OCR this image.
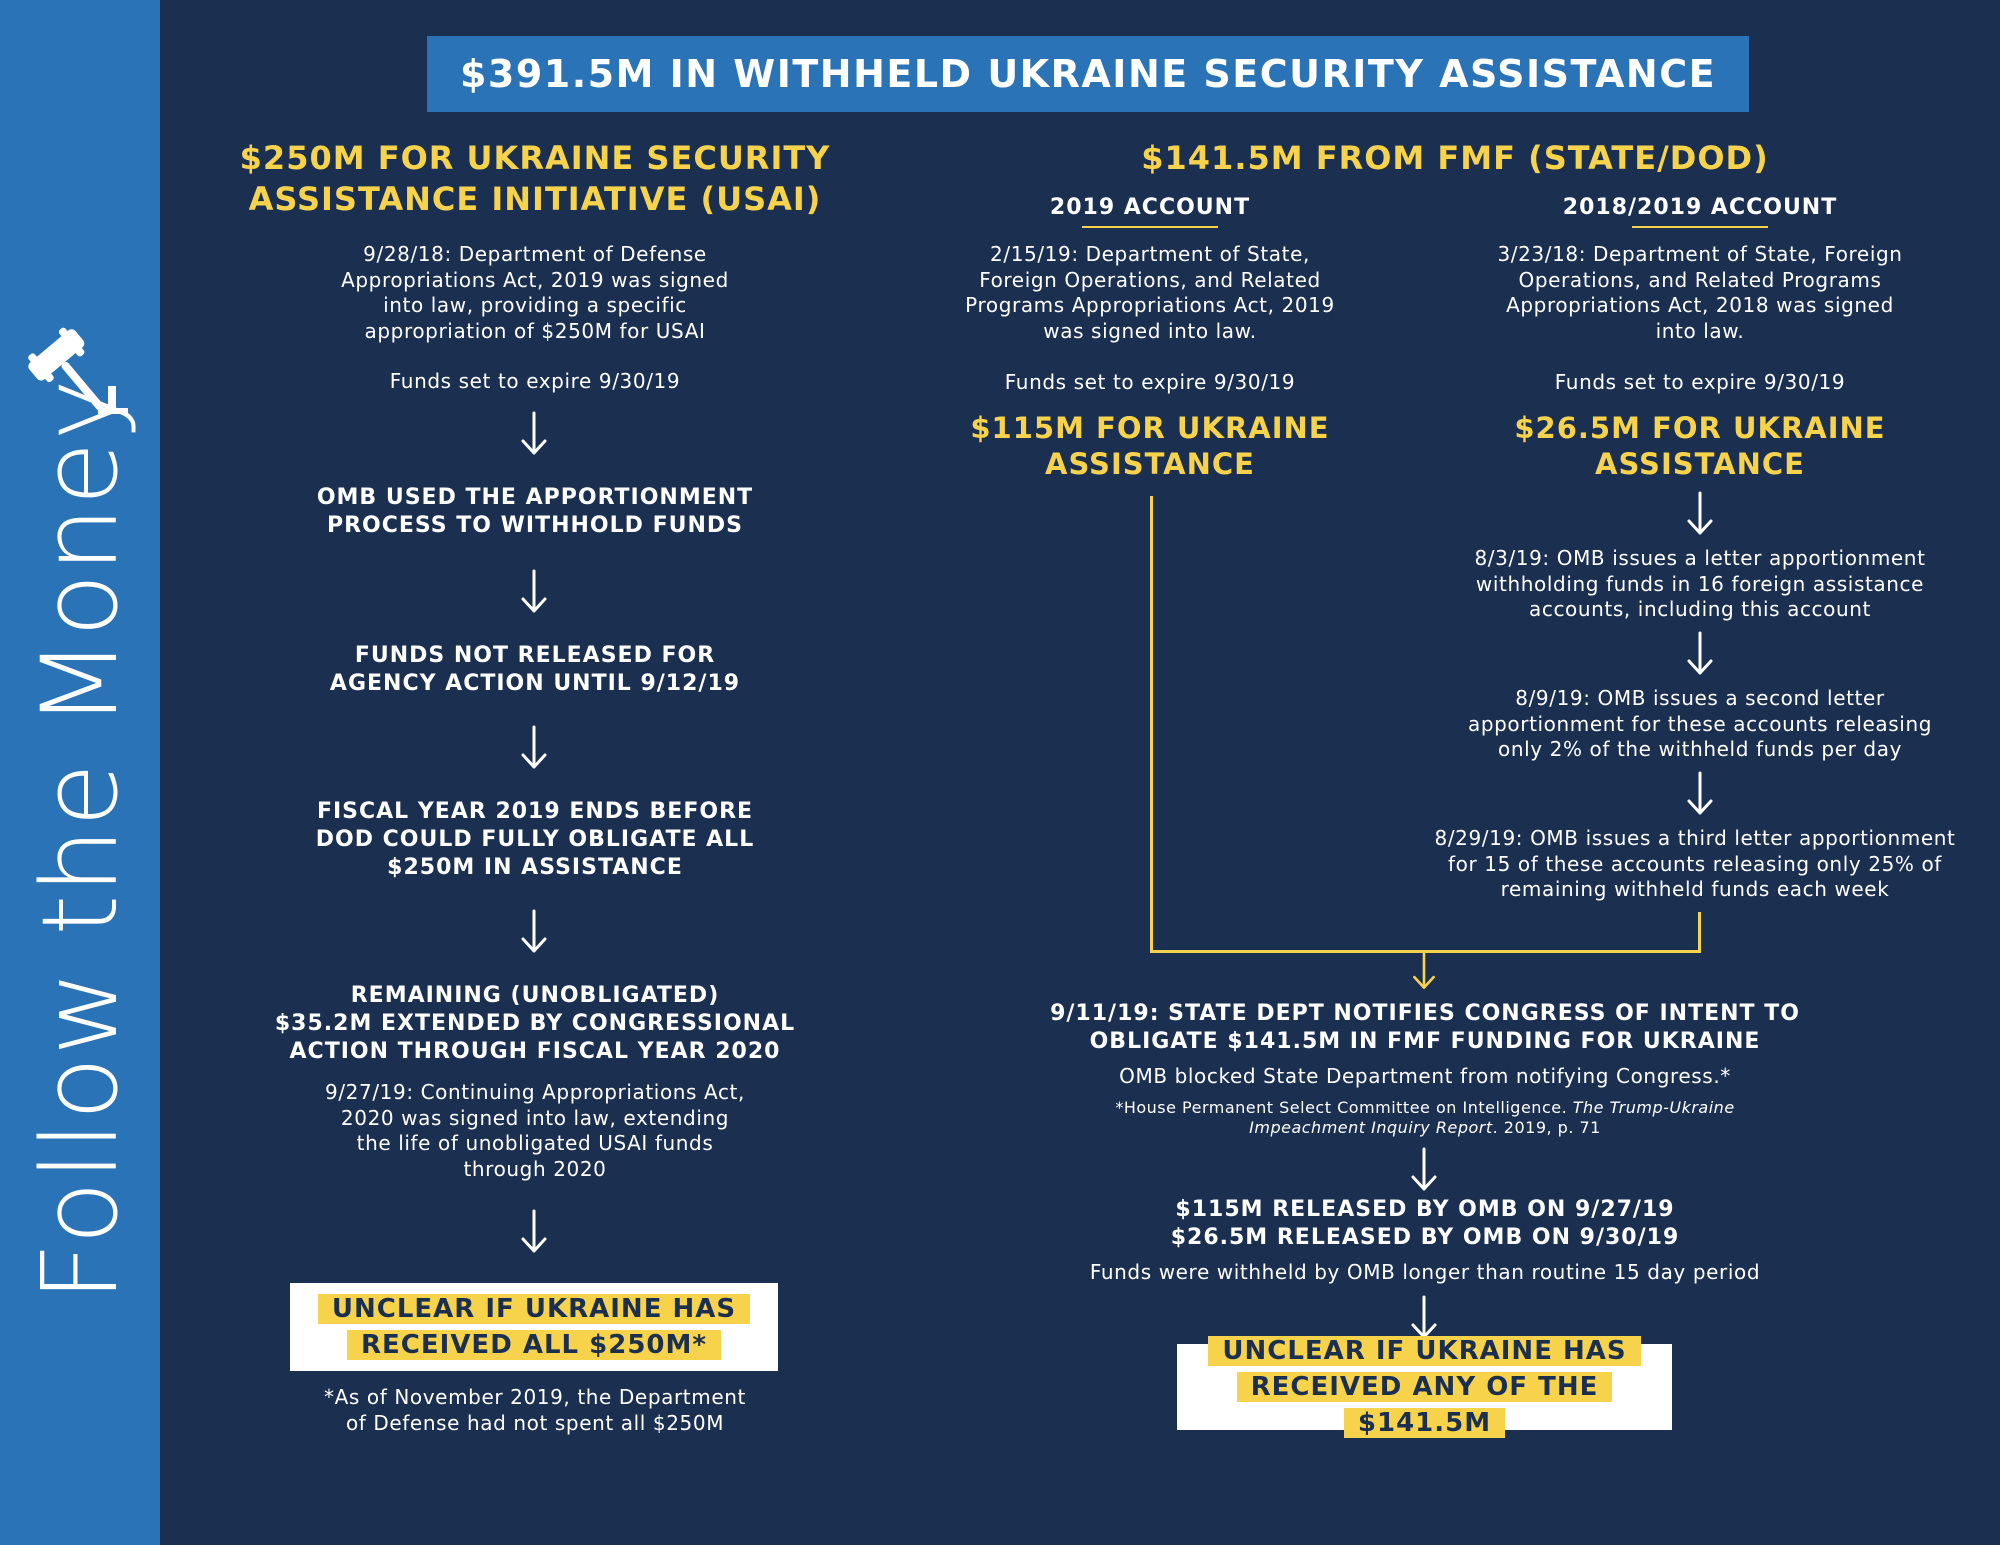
Follow the Money
$391.5M IN WITHHELD UKRAINE SECURITY ASSISTANCE
$250M FOR UKRAINE SECURITY
ASSISTANCE INITIATIVE (USAI)
9/28/18: Department of Defense
Appropriations Act, 2019 was signed
into law, providing a specific
appropriation of $250M for USAI
Funds set to expire 9/30/19
OMB USED THE APPORTIONMENT
PROCESS TO WITHHOLD FUNDS
FUNDS NOT RELEASED FOR
AGENCY ACTION UNTIL 9/12/19
FISCAL YEAR 2019 ENDS BEFORE
DOD COULD FULLY OBLIGATE ALL
$250M IN ASSISTANCE
REMAINING (UNOBLIGATED)
$35.2M EXTENDED BY CONGRESSIONAL
ACTION THROUGH FISCAL YEAR 2020
9/27/19: Continuing Appropriations Act,
2020 was signed into law, extending
the life of unobligated USAI funds
through 2020
UNCLEAR IF UKRAINE HAS
RECEIVED ALL $250M*
*As of November 2019, the Department
of Defense had not spent all $250M
$141.5M FROM FMF (STATE/DOD)
2019 ACCOUNT
2/15/19: Department of State,
Foreign Operations, and Related
Programs Appropriations Act, 2019
was signed into law.
Funds set to expire 9/30/19
$115M FOR UKRAINE
ASSISTANCE
2018/2019 ACCOUNT
3/23/18: Department of State, Foreign
Operations, and Related Programs
Appropriations Act, 2018 was signed
into law.
Funds set to expire 9/30/19
$26.5M FOR UKRAINE
ASSISTANCE
8/3/19: OMB issues a letter apportionment
withholding funds in 16 foreign assistance
accounts, including this account
8/9/19: OMB issues a second letter
apportionment for these accounts releasing
only 2% of the withheld funds per day
8/29/19: OMB issues a third letter apportionment
for 15 of these accounts releasing only 25% of
remaining withheld funds each week
9/11/19: STATE DEPT NOTIFIES CONGRESS OF INTENT TO
OBLIGATE $141.5M IN FMF FUNDING FOR UKRAINE
OMB blocked State Department from notifying Congress.*
*House Permanent Select Committee on Intelligence. The Trump-Ukraine
Impeachment Inquiry Report. 2019, p. 71
$115M RELEASED BY OMB ON 9/27/19
$26.5M RELEASED BY OMB ON 9/30/19
Funds were withheld by OMB longer than routine 15 day period
UNCLEAR IF UKRAINE HAS
RECEIVED ANY OF THE $141.5M
